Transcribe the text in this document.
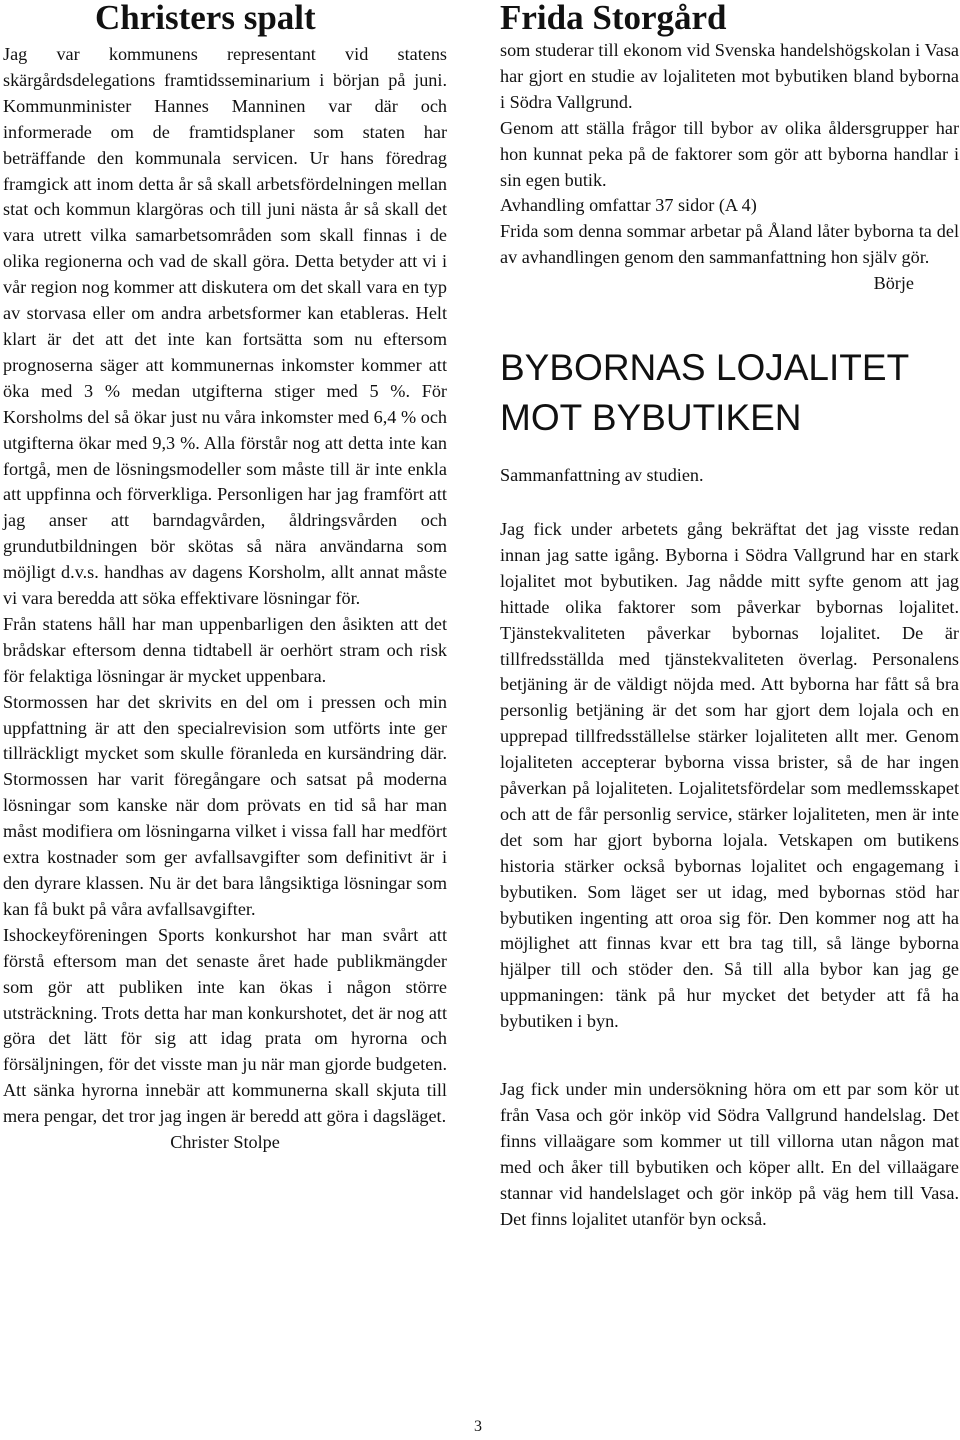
Christers spalt

Jag var kommunens representant vid statens skärgårdsdelegations framtidsseminarium i början på juni. Kommunminister Hannes Manninen var där och informerade om de framtidsplaner som staten har beträffande den kommunala servicen. Ur hans föredrag framgick att inom detta år så skall arbetsfördelningen mellan stat och kommun klargöras och till juni nästa år så skall det vara utrett vilka samarbetsområden som skall finnas i de olika regionerna och vad de skall göra. Detta betyder att vi i vår region nog kommer att diskutera om det skall vara en typ av storvasa eller om andra arbetsformer kan etableras. Helt klart är det att det inte kan fortsätta som nu eftersom prognoserna säger att kommunernas inkomster kommer att öka med 3 % medan utgifterna stiger med 5 %. För Korsholms del så ökar just nu våra inkomster med 6,4 % och utgifterna ökar med 9,3 %. Alla förstår nog att detta inte kan fortgå, men de lösningsmodeller som måste till är inte enkla att uppfinna och förverkliga. Personligen har jag framfört att jag anser att barndagvården, åldringsvården och grundutbildningen bör skötas så nära användarna som möjligt d.v.s. handhas av dagens Korsholm, allt annat måste vi vara beredda att söka effektivare lösningar för.

Från statens håll har man uppenbarligen den åsikten att det brådskar eftersom denna tidtabell är oerhört stram och risk för felaktiga lösningar är mycket uppenbara.

Stormossen har det skrivits en del om i pressen och min uppfattning är att den specialrevision som utförts inte ger tillräckligt mycket som skulle föranleda en kursändring där. Stormossen har varit föregångare och satsat på moderna lösningar som kanske när dom prövats en tid så har man måst modifiera om lösningarna vilket i vissa fall har medfört extra kostnader som ger avfallsavgifter som definitivt är i den dyrare klassen. Nu är det bara långsiktiga lösningar som kan få bukt på våra avfallsavgifter.

Ishockeyföreningen Sports konkurshot har man svårt att förstå eftersom man det senaste året hade publikmängder som gör att publiken inte kan ökas i någon större utsträckning. Trots detta har man konkurshotet, det är nog att göra det lätt för sig att idag prata om hyrorna och försäljningen, för det visste man ju när man gjorde budgeten. Att sänka hyrorna innebär att kommunerna skall skjuta till mera pengar, det tror jag ingen är beredd att göra i dagsläget.

Christer Stolpe

Frida Storgård

som studerar till ekonom vid Svenska handelshögskolan i Vasa har gjort en studie av lojaliteten mot bybutiken bland byborna i Södra Vallgrund.

Genom att ställa frågor till bybor av olika åldersgrupper har hon kunnat peka på de faktorer som gör att byborna handlar i sin egen butik.

Avhandling omfattar 37 sidor (A 4)

Frida som denna sommar arbetar på Åland låter byborna ta del av avhandlingen genom den sammanfattning hon själv gör.

Börje

BYBORNAS LOJALITET MOT BYBUTIKEN

Sammanfattning av studien.

Jag fick under arbetets gång bekräftat det jag visste redan innan jag satte igång. Byborna i Södra Vallgrund har en stark lojalitet mot bybutiken. Jag nådde mitt syfte genom att jag hittade olika faktorer som påverkar bybornas lojalitet. Tjänstekvaliteten påverkar bybornas lojalitet. De är tillfredsställda med tjänstekvaliteten överlag. Personalens betjäning är de väldigt nöjda med. Att byborna har fått så bra personlig betjäning är det som har gjort dem lojala och en upprepad tillfredsställelse stärker lojaliteten allt mer. Genom lojaliteten accepterar byborna vissa brister, så de har ingen påverkan på lojaliteten. Lojalitetsfördelar som medlemsskapet och att de får personlig service, stärker lojaliteten, men är inte det som har gjort byborna lojala. Vetskapen om butikens historia stärker också bybornas lojalitet och engagemang i bybutiken. Som läget ser ut idag, med bybornas stöd har bybutiken ingenting att oroa sig för. Den kommer nog att ha möjlighet att finnas kvar ett bra tag till, så länge byborna hjälper till och stöder den. Så till alla bybor kan jag ge uppmaningen: tänk på hur mycket det betyder att få ha bybutiken i byn.

Jag fick under min undersökning höra om ett par som kör ut från Vasa och gör inköp vid Södra Vallgrund handelslag. Det finns villaägare som kommer ut till villorna utan någon mat med och åker till bybutiken och köper allt. En del villaägare stannar vid handelslaget och gör inköp på väg hem till Vasa. Det finns lojalitet utanför byn också.

3
